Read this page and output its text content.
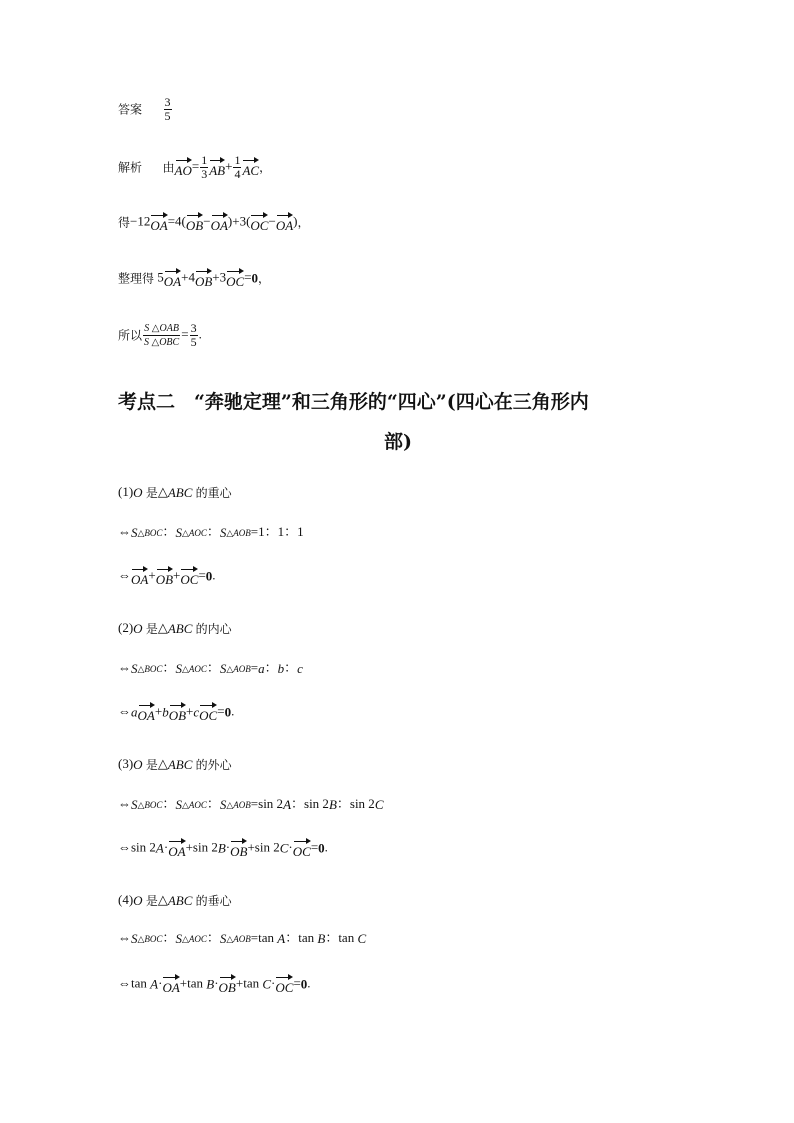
答案 $\frac{3}{5}$
解析 由$AO= \frac{1}{3} AB+ \frac{1}{4}$ AC，
得−12OA=4(OB−OA)+3(OC−OA)，
整理得 5OA+4OB+3OC=0，
所以 $\frac{\text{S △OAB}}{\text{S △OBC}} = \frac{3}{5}$ .
考点二　“奔驰定理”和三角形的“四心”(四心在三角形内
部)
(1)O 是△ABC 的重心
⇔S△BOC：S△AOC：S△AOB=1：1：1
⇔OA+OB+OC=0.
(2)O 是△ABC 的内心
⇔S△BOC：S△AOC：S△AOB=a：b：c
⇔aOA+bOB+cOC=0.
(3)O 是△ABC 的外心
⇔S△BOC：S△AOC：S△AOB=sin 2A：sin 2B：sin 2C
⇔sin 2A·OA+sin 2B·OB+sin 2C·OC=0.
(4)O 是△ABC 的垂心
⇔S△BOC：S△AOC：S△AOB=tan A：tan B：tan C
⇔tan A·OA+tan B·OB+tan C·OC=0.
